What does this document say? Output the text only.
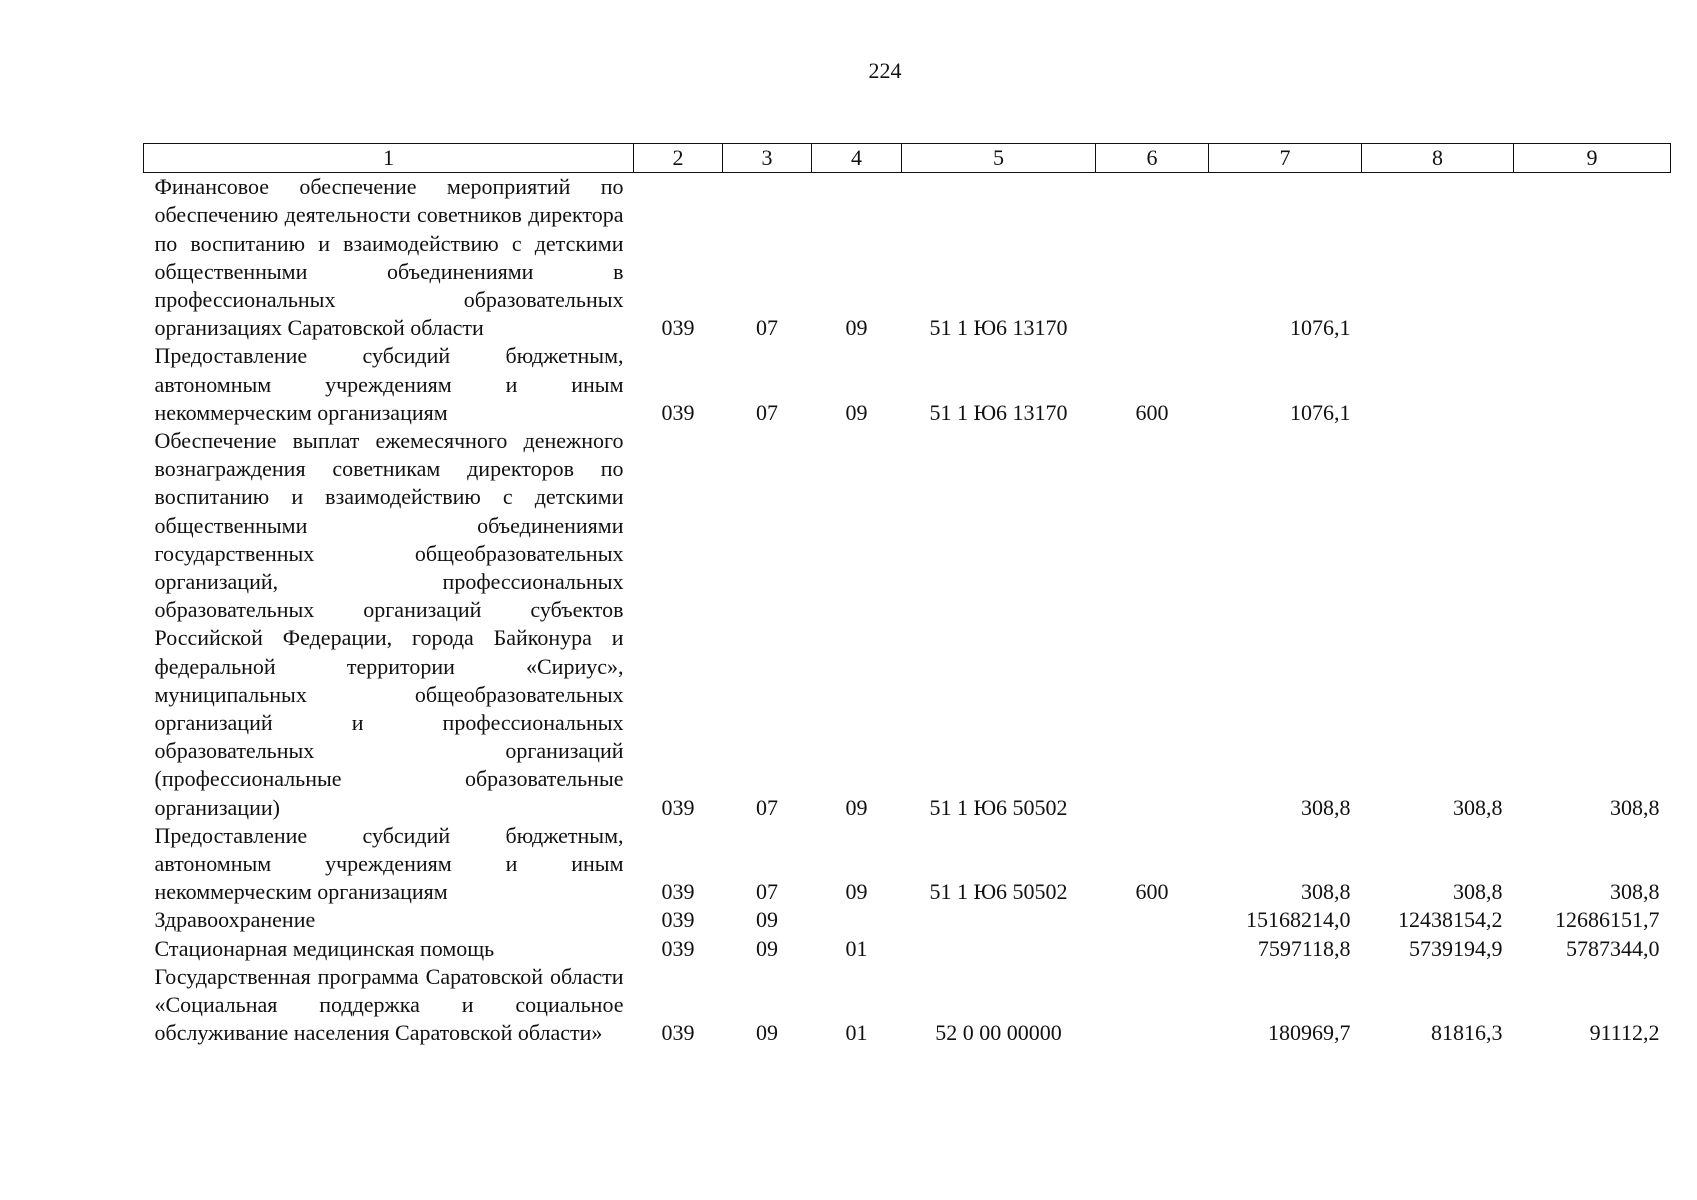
224
1	2	3	4	5	6	7	8	9
Финансовое обеспечение мероприятий по обеспечению деятельности советников директора по воспитанию и взаимодействию с детскими общественными объединениями в профессиональных образовательных организациях Саратовской области	039	07	09	51 1 Ю6 13170		1076,1		
Предоставление субсидий бюджетным, автономным учреждениям и иным некоммерческим организациям	039	07	09	51 1 Ю6 13170	600	1076,1		
Обеспечение выплат ежемесячного денежного вознаграждения советникам директоров по воспитанию и взаимодействию с детскими общественными объединениями государственных общеобразовательных организаций, профессиональных образовательных организаций субъектов Российской Федерации, города Байконура и федеральной территории «Сириус», муниципальных общеобразовательных организаций и профессиональных образовательных организаций (профессиональные образовательные организации)	039	07	09	51 1 Ю6 50502		308,8	308,8	308,8
Предоставление субсидий бюджетным, автономным учреждениям и иным некоммерческим организациям	039	07	09	51 1 Ю6 50502	600	308,8	308,8	308,8
Здравоохранение	039	09				15168214,0	12438154,2	12686151,7
Стационарная медицинская помощь	039	09	01			7597118,8	5739194,9	5787344,0
Государственная программа Саратовской области «Социальная поддержка и социальное обслуживание населения Саратовской области»	039	09	01	52 0 00 00000		180969,7	81816,3	91112,2
